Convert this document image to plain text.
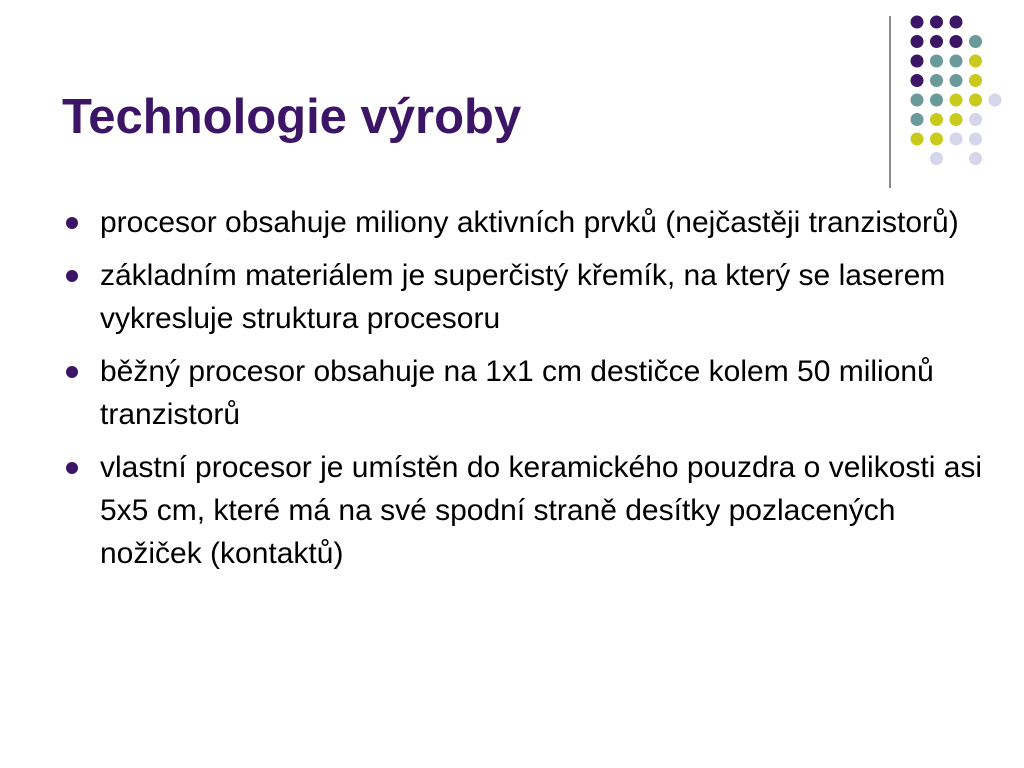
Technologie výroby
procesor obsahuje miliony aktivních prvků (nejčastěji tranzistorů)
základním materiálem je superčistý křemík, na který se laserem vykresluje struktura procesoru
běžný procesor obsahuje na 1x1 cm destičce kolem 50 milionů tranzistorů
vlastní procesor je umístěn do keramického pouzdra o velikosti asi 5x5 cm, které má na své spodní straně desítky pozlacených nožiček (kontaktů)
